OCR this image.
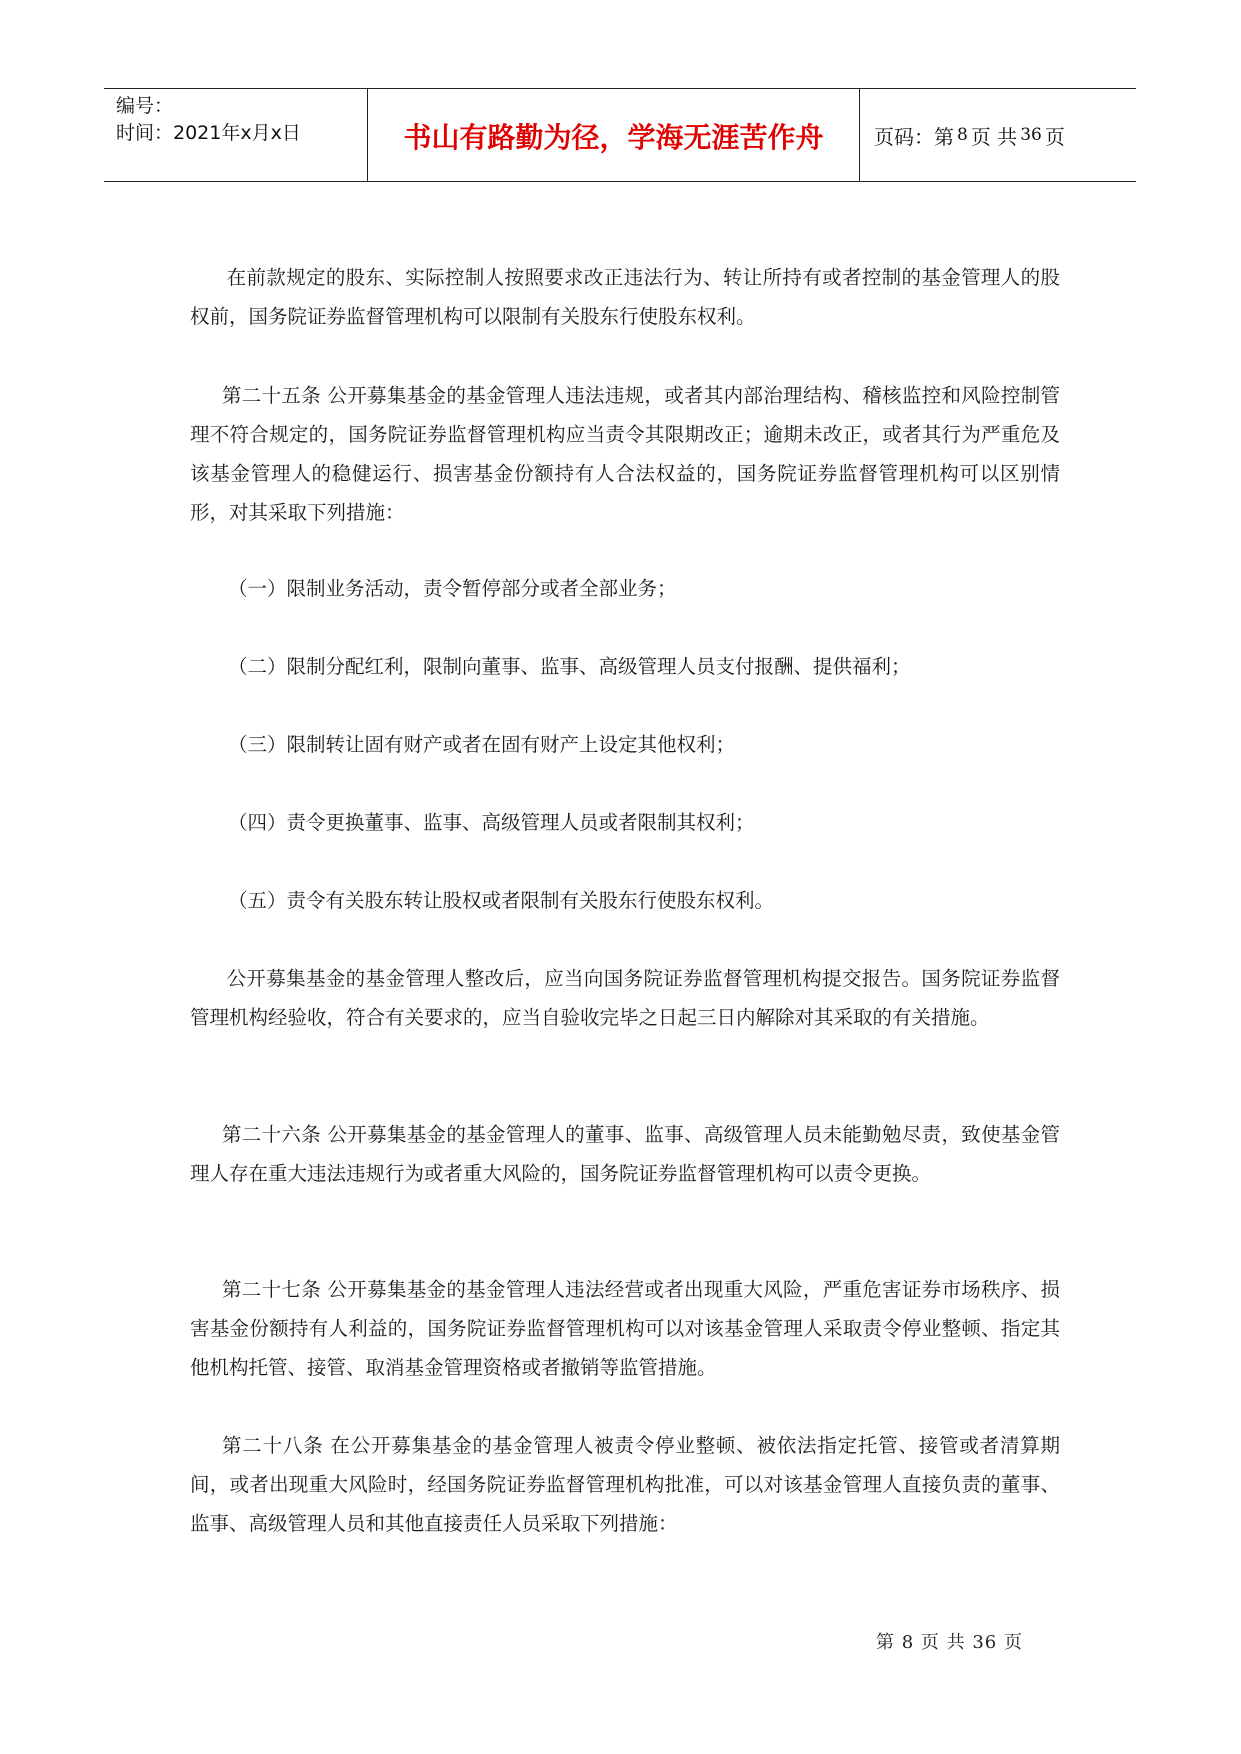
编号：
时间：2021年x月x日	书山有路勤为径，学海无涯苦作舟	页码：第 8 页 共 36 页

在前款规定的股东、实际控制人按照要求改正违法行为、转让所持有或者控制的基金管理人的股权前，国务院证券监督管理机构可以限制有关股东行使股东权利。

第二十五条 公开募集基金的基金管理人违法违规，或者其内部治理结构、稽核监控和风险控制管理不符合规定的，国务院证券监督管理机构应当责令其限期改正；逾期未改正，或者其行为严重危及该基金管理人的稳健运行、损害基金份额持有人合法权益的，国务院证券监督管理机构可以区别情形，对其采取下列措施：

（一）限制业务活动，责令暂停部分或者全部业务；

（二）限制分配红利，限制向董事、监事、高级管理人员支付报酬、提供福利；

（三）限制转让固有财产或者在固有财产上设定其他权利；

（四）责令更换董事、监事、高级管理人员或者限制其权利；

（五）责令有关股东转让股权或者限制有关股东行使股东权利。

公开募集基金的基金管理人整改后，应当向国务院证券监督管理机构提交报告。国务院证券监督管理机构经验收，符合有关要求的，应当自验收完毕之日起三日内解除对其采取的有关措施。

第二十六条 公开募集基金的基金管理人的董事、监事、高级管理人员未能勤勉尽责，致使基金管理人存在重大违法违规行为或者重大风险的，国务院证券监督管理机构可以责令更换。

第二十七条 公开募集基金的基金管理人违法经营或者出现重大风险，严重危害证券市场秩序、损害基金份额持有人利益的，国务院证券监督管理机构可以对该基金管理人采取责令停业整顿、指定其他机构托管、接管、取消基金管理资格或者撤销等监管措施。

第二十八条 在公开募集基金的基金管理人被责令停业整顿、被依法指定托管、接管或者清算期间，或者出现重大风险时，经国务院证券监督管理机构批准，可以对该基金管理人直接负责的董事、监事、高级管理人员和其他直接责任人员采取下列措施：

第 8 页 共 36 页
